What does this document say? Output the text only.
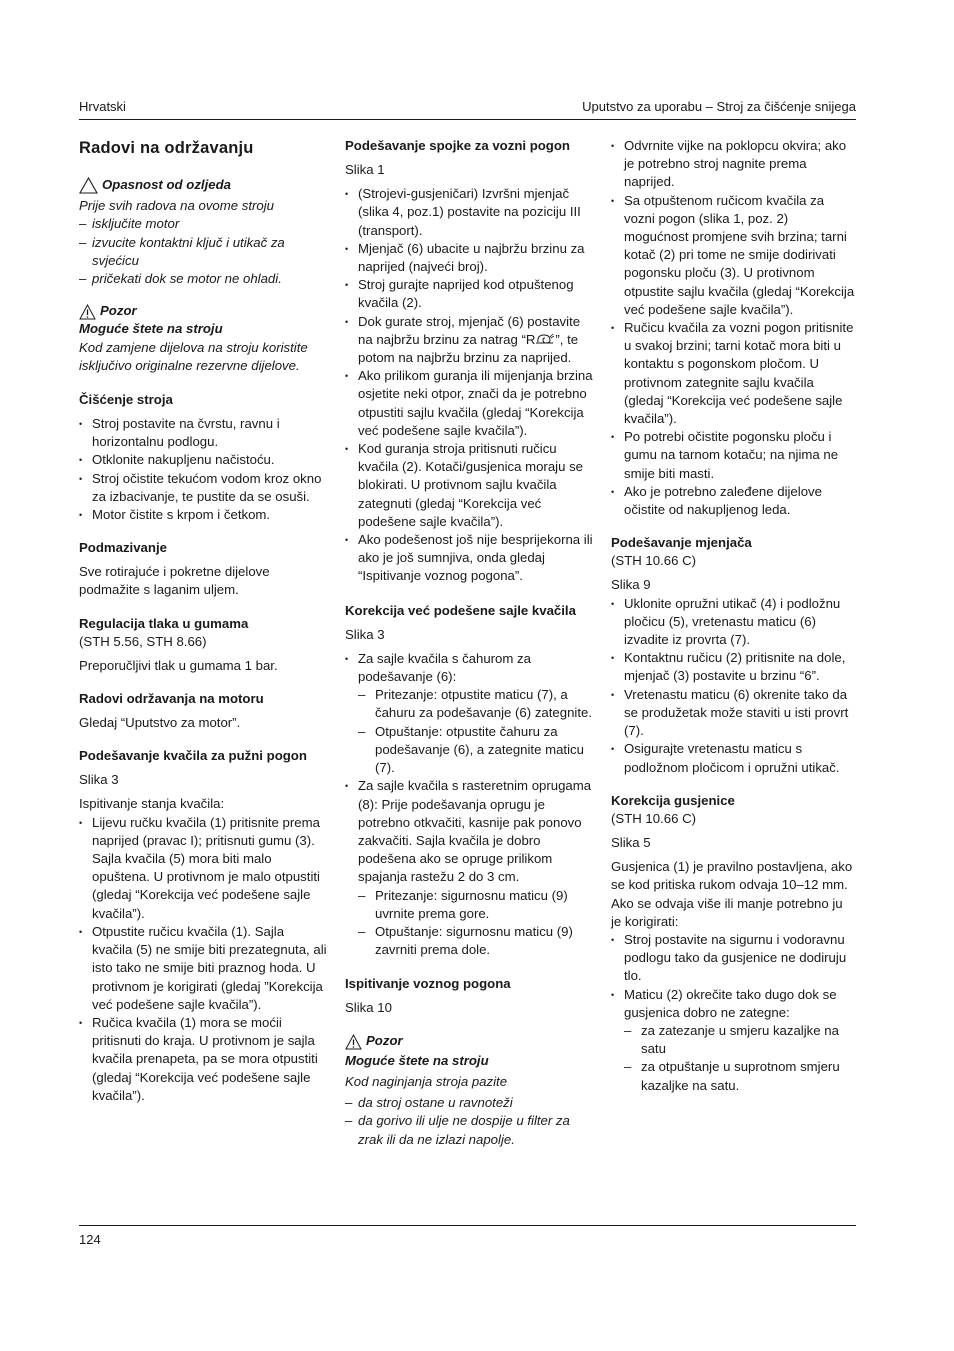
Hrvatski	Uputstvo za uporabu – Stroj za čišćenje snijega
Radovi na održavanju
Opasnost od ozljeda

Prije svih radova na ovome stroju

– isključite motor
– izvucite kontaktni ključ i utikač za svjećicu
– pričekati dok se motor ne ohladi.
Pozor

Moguće štete na stroju

Kod zamjene dijelova na stroju koristite isključivo originalne rezervne dijelove.

Čišćenje stroja
• Stroj postavite na čvrstu, ravnu i horizontalnu podlogu.
• Otklonite nakupljenu načistoću.
• Stroj očistite tekućom vodom kroz okno za izbacivanje, te pustite da se osuši.
• Motor čistite s krpom i četkom.
Podmazivanje

Sve rotirajuće i pokretne dijelove podmažite s laganim uljem.

Regulacija tlaka u gumama

(STH 5.56, STH 8.66)

Preporučljivi tlak u gumama 1 bar.

Radovi održavanja na motoru

Gledaj “Uputstvo za motor”.

Podešavanje kvačila za pužni pogon

Slika 3

Ispitivanje stanja kvačila:

• Lijevu ručku kvačila (1) pritisnite prema naprijed (pravac I); pritisnuti gumu (3). Sajla kvačila (5) mora biti malo opuštena. U protivnom je malo otpustiti (gledaj “Korekcija već podešene sajle kvačila”).
• Otpustite ručicu kvačila (1). Sajla kvačila (5) ne smije biti prezategnuta, ali isto tako ne smije biti praznog hoda. U protivnom je korigirati (gledaj ”Korekcija već podešene sajle kvačila”).
• Ručica kvačila (1) mora se moćii pritisnuti do kraja. U protivnom je sajla kvačila prenapeta, pa se mora otpustiti (gledaj “Korekcija već podešene sajle kvačila”).
Podešavanje spojke za vozni pogon

Slika 1

• (Strojevi-gusjeničari) Izvršni mjenjač (slika 4, poz.1) postavite na poziciju III (transport).
• Mjenjač (6) ubacite u najbržu brzinu za naprijed (najveći broj).
• Stroj gurajte naprijed kod otpuštenog kvačila (2).
• Dok gurate stroj, mjenjač (6) postavite na najbržu brzinu za natrag “R ”, te potom na najbržu brzinu za naprijed.
• Ako prilikom guranja ili mijenjanja brzina osjetite neki otpor, znači da je potrebno otpustiti sajlu kvačila (gledaj “Korekcija već podešene sajle kvačila”).
• Kod guranja stroja pritisnuti ručicu kvačila (2). Kotači/gusjenica moraju se blokirati. U protivnom sajlu kvačila zategnuti (gledaj “Korekcija već podešene sajle kvačila”).
• Ako podešenost još nije besprijekorna ili ako je još sumnjiva, onda gledaj “Ispitivanje voznog pogona”.
Korekcija već podešene sajle kvačila

Slika 3

• Za sajle kvačila s čahurom za podešavanje (6):
– Pritezanje: otpustite maticu (7), a čahuru za podešavanje (6) zategnite.
– Otpuštanje: otpustite čahuru za podešavanje (6), a zategnite maticu (7).
• Za sajle kvačila s rasteretnim oprugama (8): Prije podešavanja oprugu je potrebno otkvačiti, kasnije pak ponovo zakvačiti. Sajla kvačila je dobro podešena ako se opruge prilikom spajanja rastežu 2 do 3 cm.
– Pritezanje: sigurnosnu maticu (9) uvrnite prema gore.
– Otpuštanje: sigurnosnu maticu (9) zavrniti prema dole.
Ispitivanje voznog pogona

Slika 10

Pozor

Moguće štete na stroju

Kod naginjanja stroja pazite

– da stroj ostane u ravnoteži
– da gorivo ili ulje ne dospije u filter za zrak ili da ne izlazi napolje.
• Odvrnite vijke na poklopcu okvira; ako je potrebno stroj nagnite prema naprijed.
• Sa otpuštenom ručicom kvačila za vozni pogon (slika 1, poz. 2) mogućnost promjene svih brzina; tarni kotač (2) pri tome ne smije dodirivati pogonsku ploču (3). U protivnom otpustite sajlu kvačila (gledaj “Korekcija već podešene sajle kvačila”).
• Ručicu kvačila za vozni pogon pritisnite u svakoj brzini; tarni kotač mora biti u kontaktu s pogonskom pločom. U protivnom zategnite sajlu kvačila (gledaj “Korekcija već podešene sajle kvačila”).
• Po potrebi očistite pogonsku ploču i gumu na tarnom kotaču; na njima ne smije biti masti.
• Ako je potrebno zaleđene dijelove očistite od nakupljenog leda.
Podešavanje mjenjača

(STH 10.66 C)

Slika 9

• Uklonite opružni utikač (4) i podložnu pločicu (5), vretenastu maticu (6) izvadite iz provrta (7).
• Kontaktnu ručicu (2) pritisnite na dole, mjenjač (3) postavite u brzinu “6”.
• Vretenastu maticu (6) okrenite tako da se produžetak može staviti u isti provrt (7).
• Osigurajte vretenastu maticu s podložnom pločicom i opružni utikač.
Korekcija gusjenice

(STH 10.66 C)

Slika 5

Gusjenica (1) je pravilno postavljena, ako se kod pritiska rukom odvaja 10–12 mm. Ako se odvaja više ili manje potrebno ju je korigirati:

• Stroj postavite na sigurnu i vodoravnu podlogu tako da gusjenice ne dodiruju tlo.
• Maticu (2) okrečite tako dugo dok se gusjenica dobro ne zategne:
– za zatezanje u smjeru kazaljke na satu
– za otpuštanje u suprotnom smjeru kazaljke na satu.
124
